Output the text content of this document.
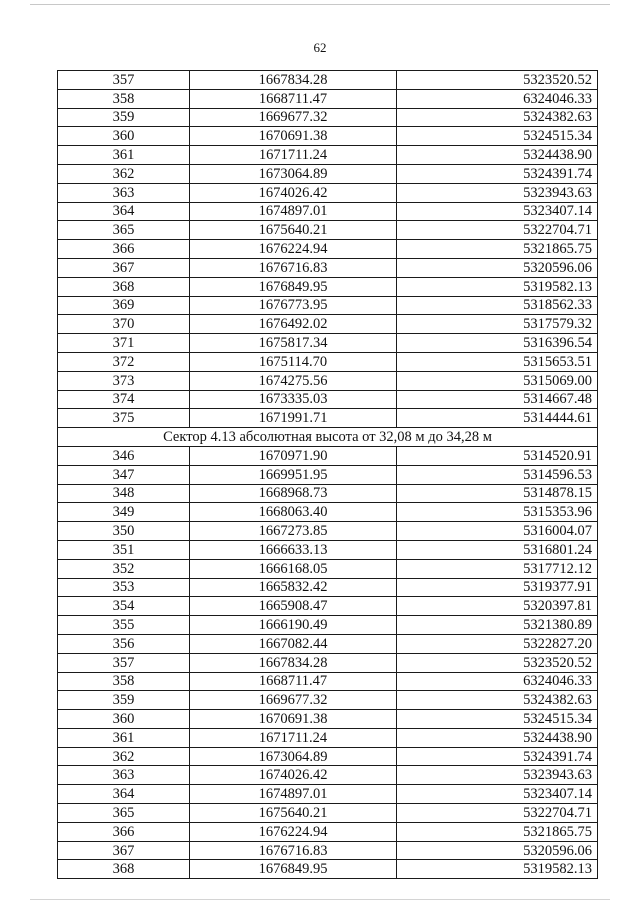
62
357	1667834.28	5323520.52
358	1668711.47	6324046.33
359	1669677.32	5324382.63
360	1670691.38	5324515.34
361	1671711.24	5324438.90
362	1673064.89	5324391.74
363	1674026.42	5323943.63
364	1674897.01	5323407.14
365	1675640.21	5322704.71
366	1676224.94	5321865.75
367	1676716.83	5320596.06
368	1676849.95	5319582.13
369	1676773.95	5318562.33
370	1676492.02	5317579.32
371	1675817.34	5316396.54
372	1675114.70	5315653.51
373	1674275.56	5315069.00
374	1673335.03	5314667.48
375	1671991.71	5314444.61
Сектор 4.13 абсолютная высота от 32,08 м до 34,28 м		
346	1670971.90	5314520.91
347	1669951.95	5314596.53
348	1668968.73	5314878.15
349	1668063.40	5315353.96
350	1667273.85	5316004.07
351	1666633.13	5316801.24
352	1666168.05	5317712.12
353	1665832.42	5319377.91
354	1665908.47	5320397.81
355	1666190.49	5321380.89
356	1667082.44	5322827.20
357	1667834.28	5323520.52
358	1668711.47	6324046.33
359	1669677.32	5324382.63
360	1670691.38	5324515.34
361	1671711.24	5324438.90
362	1673064.89	5324391.74
363	1674026.42	5323943.63
364	1674897.01	5323407.14
365	1675640.21	5322704.71
366	1676224.94	5321865.75
367	1676716.83	5320596.06
368	1676849.95	5319582.13
